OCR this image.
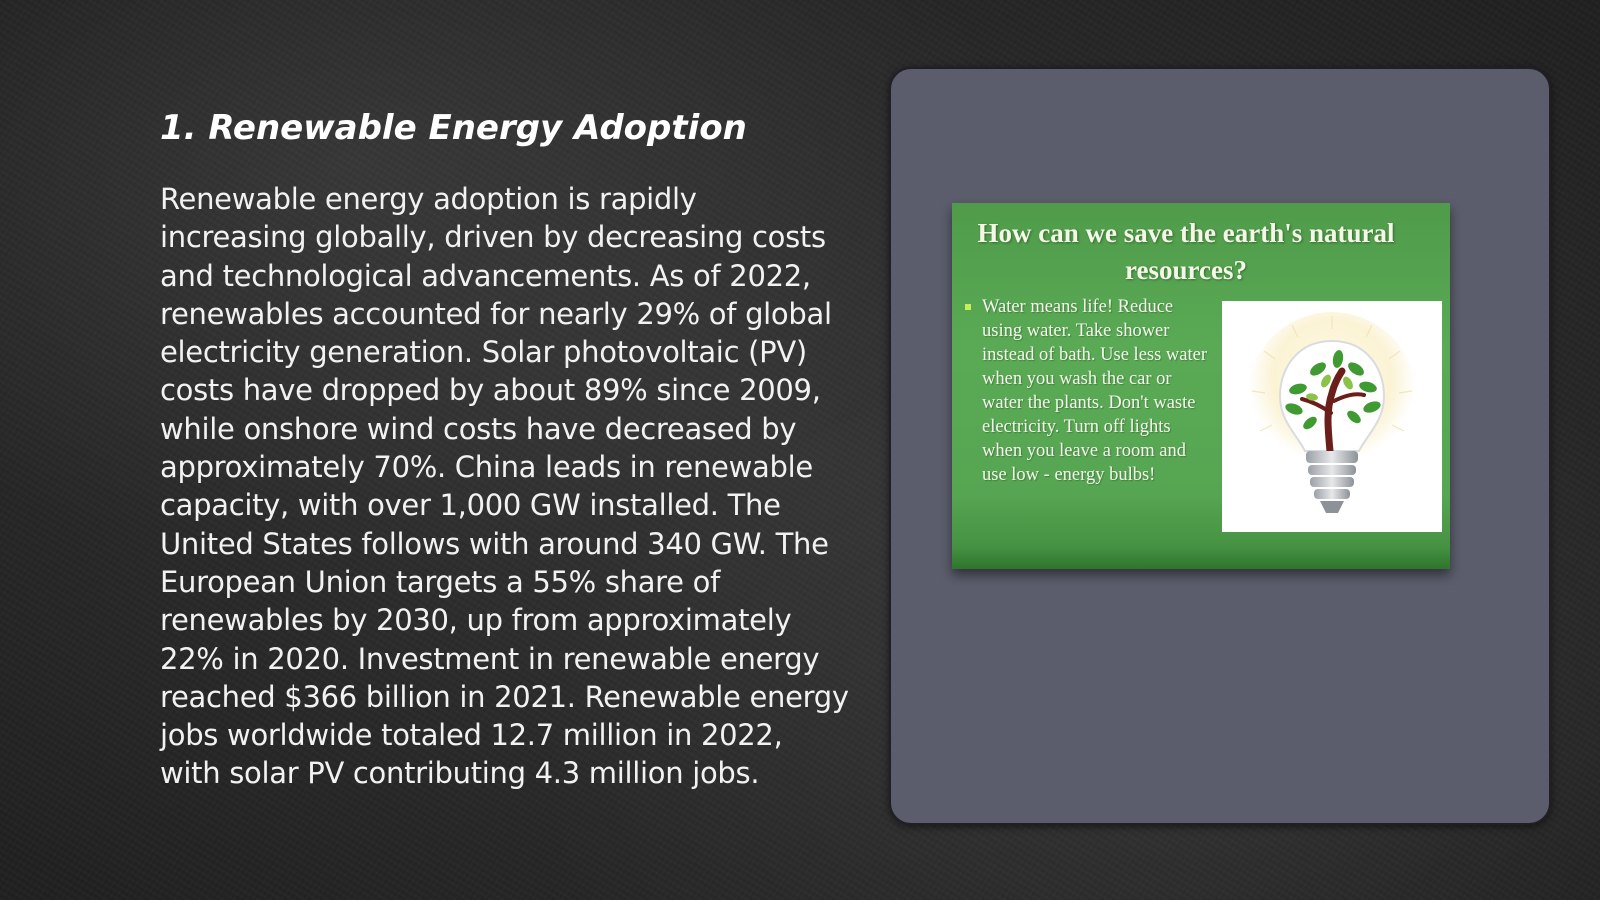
1. Renewable Energy Adoption

Renewable energy adoption is rapidly increasing globally, driven by decreasing costs and technological advancements. As of 2022, renewables accounted for nearly 29% of global electricity generation. Solar photovoltaic (PV) costs have dropped by about 89% since 2009, while onshore wind costs have decreased by approximately 70%. China leads in renewable capacity, with over 1,000 GW installed. The United States follows with around 340 GW. The European Union targets a 55% share of renewables by 2030, up from approximately 22% in 2020. Investment in renewable energy reached $366 billion in 2021. Renewable energy jobs worldwide totaled 12.7 million in 2022, with solar PV contributing 4.3 million jobs.

How can we save the earth's natural resources?
Water means life! Reduce using water. Take shower instead of bath. Use less water when you wash the car or water the plants. Don't waste electricity. Turn off lights when you leave a room and use low - energy bulbs!
